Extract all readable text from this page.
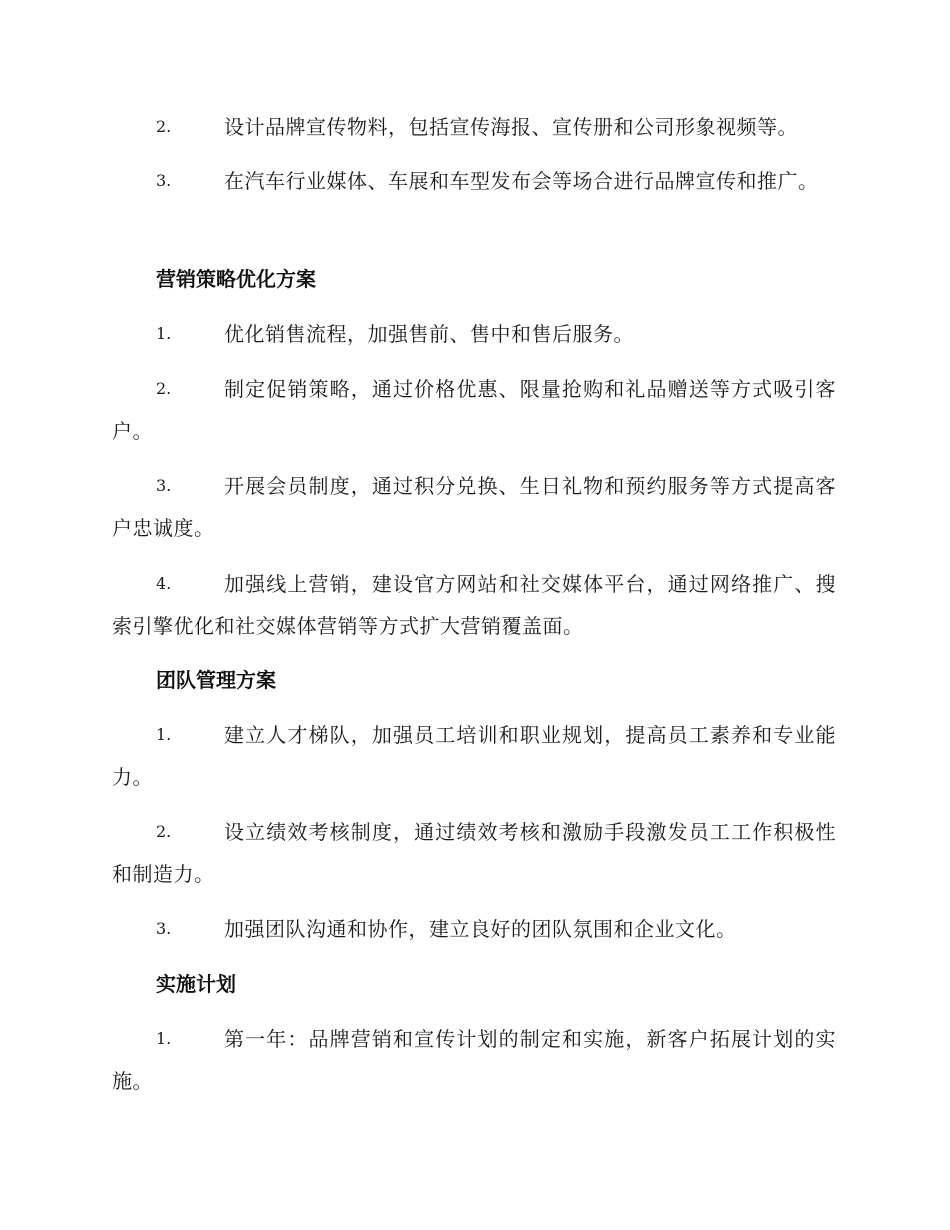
2.	设计品牌宣传物料，包括宣传海报、宣传册和公司形象视频等。
3.	在汽车行业媒体、车展和车型发布会等场合进行品牌宣传和推广。
营销策略优化方案
1.	优化销售流程，加强售前、售中和售后服务。
2.	制定促销策略，通过价格优惠、限量抢购和礼品赠送等方式吸引客户。
3.	开展会员制度，通过积分兑换、生日礼物和预约服务等方式提高客户忠诚度。
4.	加强线上营销，建设官方网站和社交媒体平台，通过网络推广、搜索引擎优化和社交媒体营销等方式扩大营销覆盖面。
团队管理方案
1.	建立人才梯队，加强员工培训和职业规划，提高员工素养和专业能力。
2.	设立绩效考核制度，通过绩效考核和激励手段激发员工工作积极性和制造力。
3.	加强团队沟通和协作，建立良好的团队氛围和企业文化。
实施计划
1.	第一年：品牌营销和宣传计划的制定和实施，新客户拓展计划的实施。
